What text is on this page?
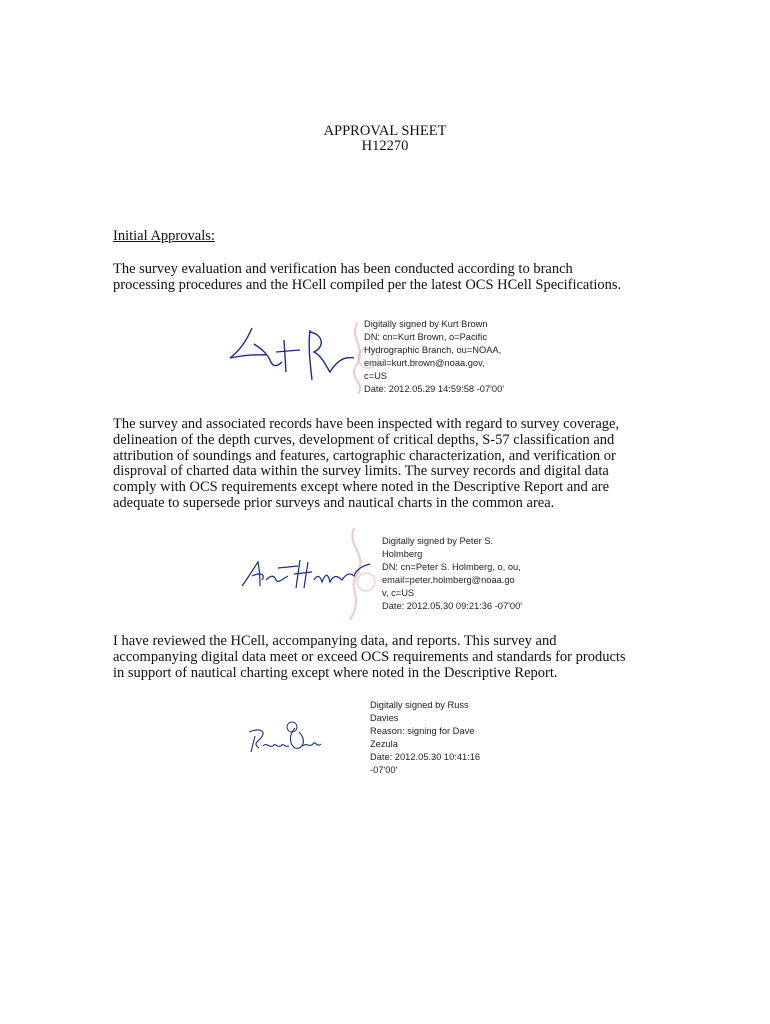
APPROVAL SHEET
H12270
Initial Approvals:
The survey evaluation and verification has been conducted according to branch
processing procedures and the HCell compiled per the latest OCS HCell Specifications.
Digitally signed by Kurt Brown
DN: cn=Kurt Brown, o=Pacific
Hydrographic Branch, ou=NOAA,
email=kurt.brown@noaa.gov,
c=US
Date: 2012.05.29 14:59:58 -07'00'
The survey and associated records have been inspected with regard to survey coverage,
delineation of the depth curves, development of critical depths, S-57 classification and
attribution of soundings and features, cartographic characterization, and verification or
disproval of charted data within the survey limits. The survey records and digital data
comply with OCS requirements except where noted in the Descriptive Report and are
adequate to supersede prior surveys and nautical charts in the common area.
Digitally signed by Peter S.
Holmberg
DN: cn=Peter S. Holmberg, o, ou,
email=peter.holmberg@noaa.go
v, c=US
Date: 2012.05.30 09:21:36 -07'00'
I have reviewed the HCell, accompanying data, and reports. This survey and
accompanying digital data meet or exceed OCS requirements and standards for products
in support of nautical charting except where noted in the Descriptive Report.
Digitally signed by Russ
Davies
Reason: signing for Dave
Zezula
Date: 2012.05.30 10:41:16
-07'00'
